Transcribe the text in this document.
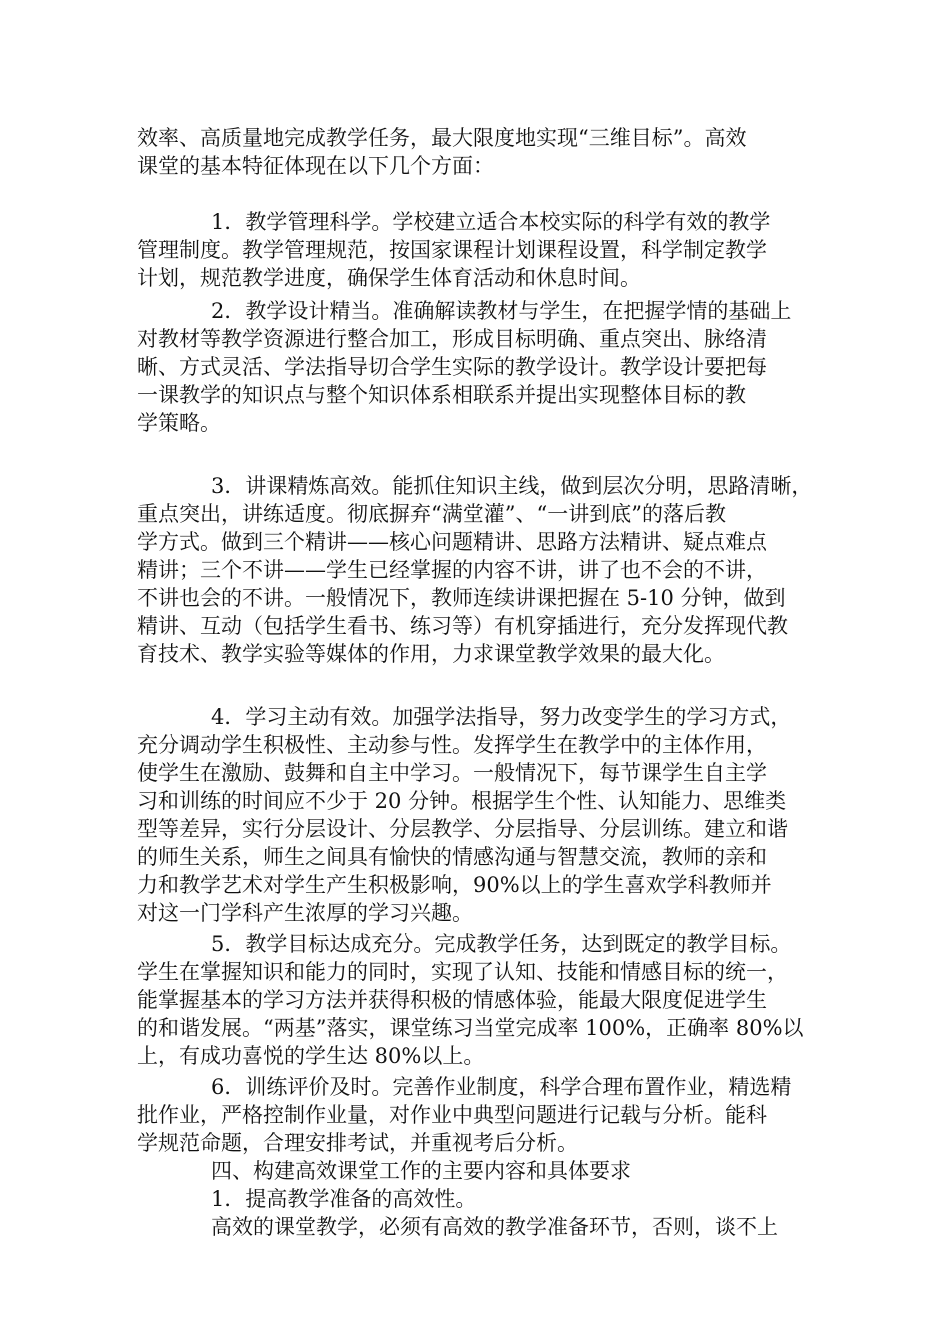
效率、高质量地完成教学任务，最大限度地实现“三维目标”。高效
课堂的基本特征体现在以下几个方面：
1．教学管理科学。学校建立适合本校实际的科学有效的教学
管理制度。教学管理规范，按国家课程计划课程设置，科学制定教学
计划，规范教学进度，确保学生体育活动和休息时间。
2．教学设计精当。准确解读教材与学生，在把握学情的基础上
对教材等教学资源进行整合加工，形成目标明确、重点突出、脉络清
晰、方式灵活、学法指导切合学生实际的教学设计。教学设计要把每
一课教学的知识点与整个知识体系相联系并提出实现整体目标的教
学策略。
3．讲课精炼高效。能抓住知识主线，做到层次分明，思路清晰，
重点突出，讲练适度。彻底摒弃“满堂灌”、“一讲到底”的落后教
学方式。做到三个精讲——核心问题精讲、思路方法精讲、疑点难点
精讲；三个不讲——学生已经掌握的内容不讲，讲了也不会的不讲，
不讲也会的不讲。一般情况下，教师连续讲课把握在 5-10 分钟，做到
精讲、互动（包括学生看书、练习等）有机穿插进行，充分发挥现代教
育技术、教学实验等媒体的作用，力求课堂教学效果的最大化。
4．学习主动有效。加强学法指导，努力改变学生的学习方式，
充分调动学生积极性、主动参与性。发挥学生在教学中的主体作用，
使学生在激励、鼓舞和自主中学习。一般情况下，每节课学生自主学
习和训练的时间应不少于 20 分钟。根据学生个性、认知能力、思维类
型等差异，实行分层设计、分层教学、分层指导、分层训练。建立和谐
的师生关系，师生之间具有愉快的情感沟通与智慧交流，教师的亲和
力和教学艺术对学生产生积极影响，90%以上的学生喜欢学科教师并
对这一门学科产生浓厚的学习兴趣。
5．教学目标达成充分。完成教学任务，达到既定的教学目标。
学生在掌握知识和能力的同时，实现了认知、技能和情感目标的统一，
能掌握基本的学习方法并获得积极的情感体验，能最大限度促进学生
的和谐发展。“两基”落实，课堂练习当堂完成率 100%，正确率 80%以
上，有成功喜悦的学生达 80%以上。
6．训练评价及时。完善作业制度，科学合理布置作业，精选精
批作业，严格控制作业量，对作业中典型问题进行记载与分析。能科
学规范命题，合理安排考试，并重视考后分析。
四、构建高效课堂工作的主要内容和具体要求
1．提高教学准备的高效性。
高效的课堂教学，必须有高效的教学准备环节，否则，谈不上
